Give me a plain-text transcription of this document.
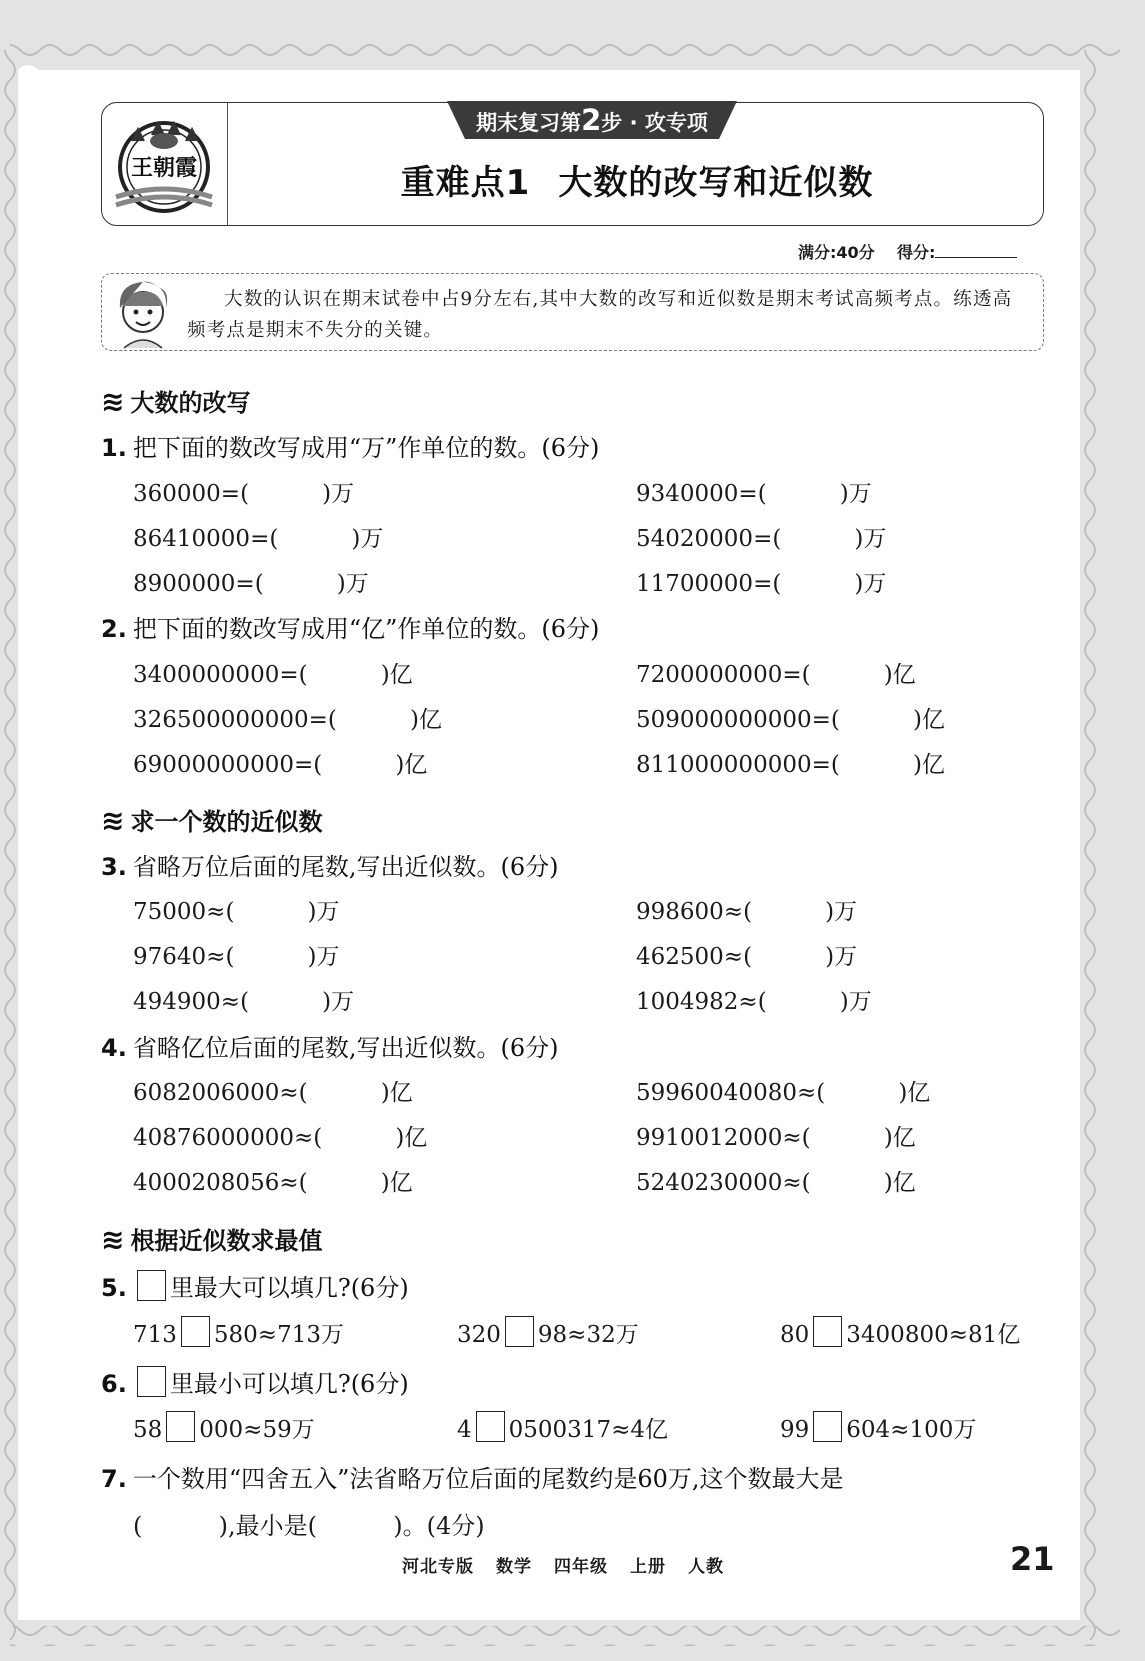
王朝霞
期末复习第2步 · 攻专项
重难点1 大数的改写和近似数
满分:40分 得分:
大数的认识在期末试卷中占9分左右,其中大数的改写和近似数是期末考试高频考点。练透高频考点是期末不失分的关键。
≋ 大数的改写
1. 把下面的数改写成用“万”作单位的数。(6分)
360000=(          )万	9340000=(          )万
86410000=(          )万	54020000=(          )万
8900000=(          )万	11700000=(          )万
2. 把下面的数改写成用“亿”作单位的数。(6分)
3400000000=(          )亿	7200000000=(          )亿
326500000000=(          )亿	509000000000=(          )亿
69000000000=(          )亿	811000000000=(          )亿
≋ 求一个数的近似数
3. 省略万位后面的尾数,写出近似数。(6分)
75000≈(          )万	998600≈(          )万
97640≈(          )万	462500≈(          )万
494900≈(          )万	1004982≈(          )万
4. 省略亿位后面的尾数,写出近似数。(6分)
6082006000≈(          )亿	59960040080≈(          )亿
40876000000≈(          )亿	9910012000≈(          )亿
4000208056≈(          )亿	5240230000≈(          )亿
≋ 根据近似数求最值
5. 里最大可以填几?(6分)
713 580≈713万	320 98≈32万	80 3400800≈81亿
6. 里最小可以填几?(6分)
58 000≈59万	4 0500317≈4亿	99 604≈100万
7. 一个数用“四舍五入”法省略万位后面的尾数约是60万,这个数最大是
(          ),最小是(          )。(4分)
河北专版 数学 四年级 上册 人教	21
